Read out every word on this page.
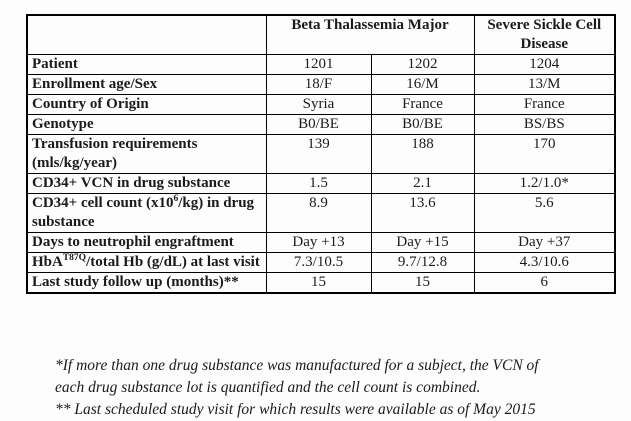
	Beta Thalassemia Major		Severe Sickle Cell Disease
Patient	1201	1202	1204
Enrollment age/Sex	18/F	16/M	13/M
Country of Origin	Syria	France	France
Genotype	B0/BE	B0/BE	BS/BS
Transfusion requirements (mls/kg/year)	139	188	170
CD34+ VCN in drug substance	1.5	2.1	1.2/1.0*
CD34+ cell count $(x10^6/kg)$ in drug substance	8.9	13.6	5.6
Days to neutrophil engraftment	Day +13	Day +15	Day +37
HbA$^{T87Q}$/total Hb (g/dL) at last visit	7.3/10.5	9.7/12.8	4.3/10.6
Last study follow up (months)**	15	15	6

*If more than one drug substance was manufactured for a subject, the VCN of each drug substance lot is quantified and the cell count is combined.

** Last scheduled study visit for which results were available as of May 2015
